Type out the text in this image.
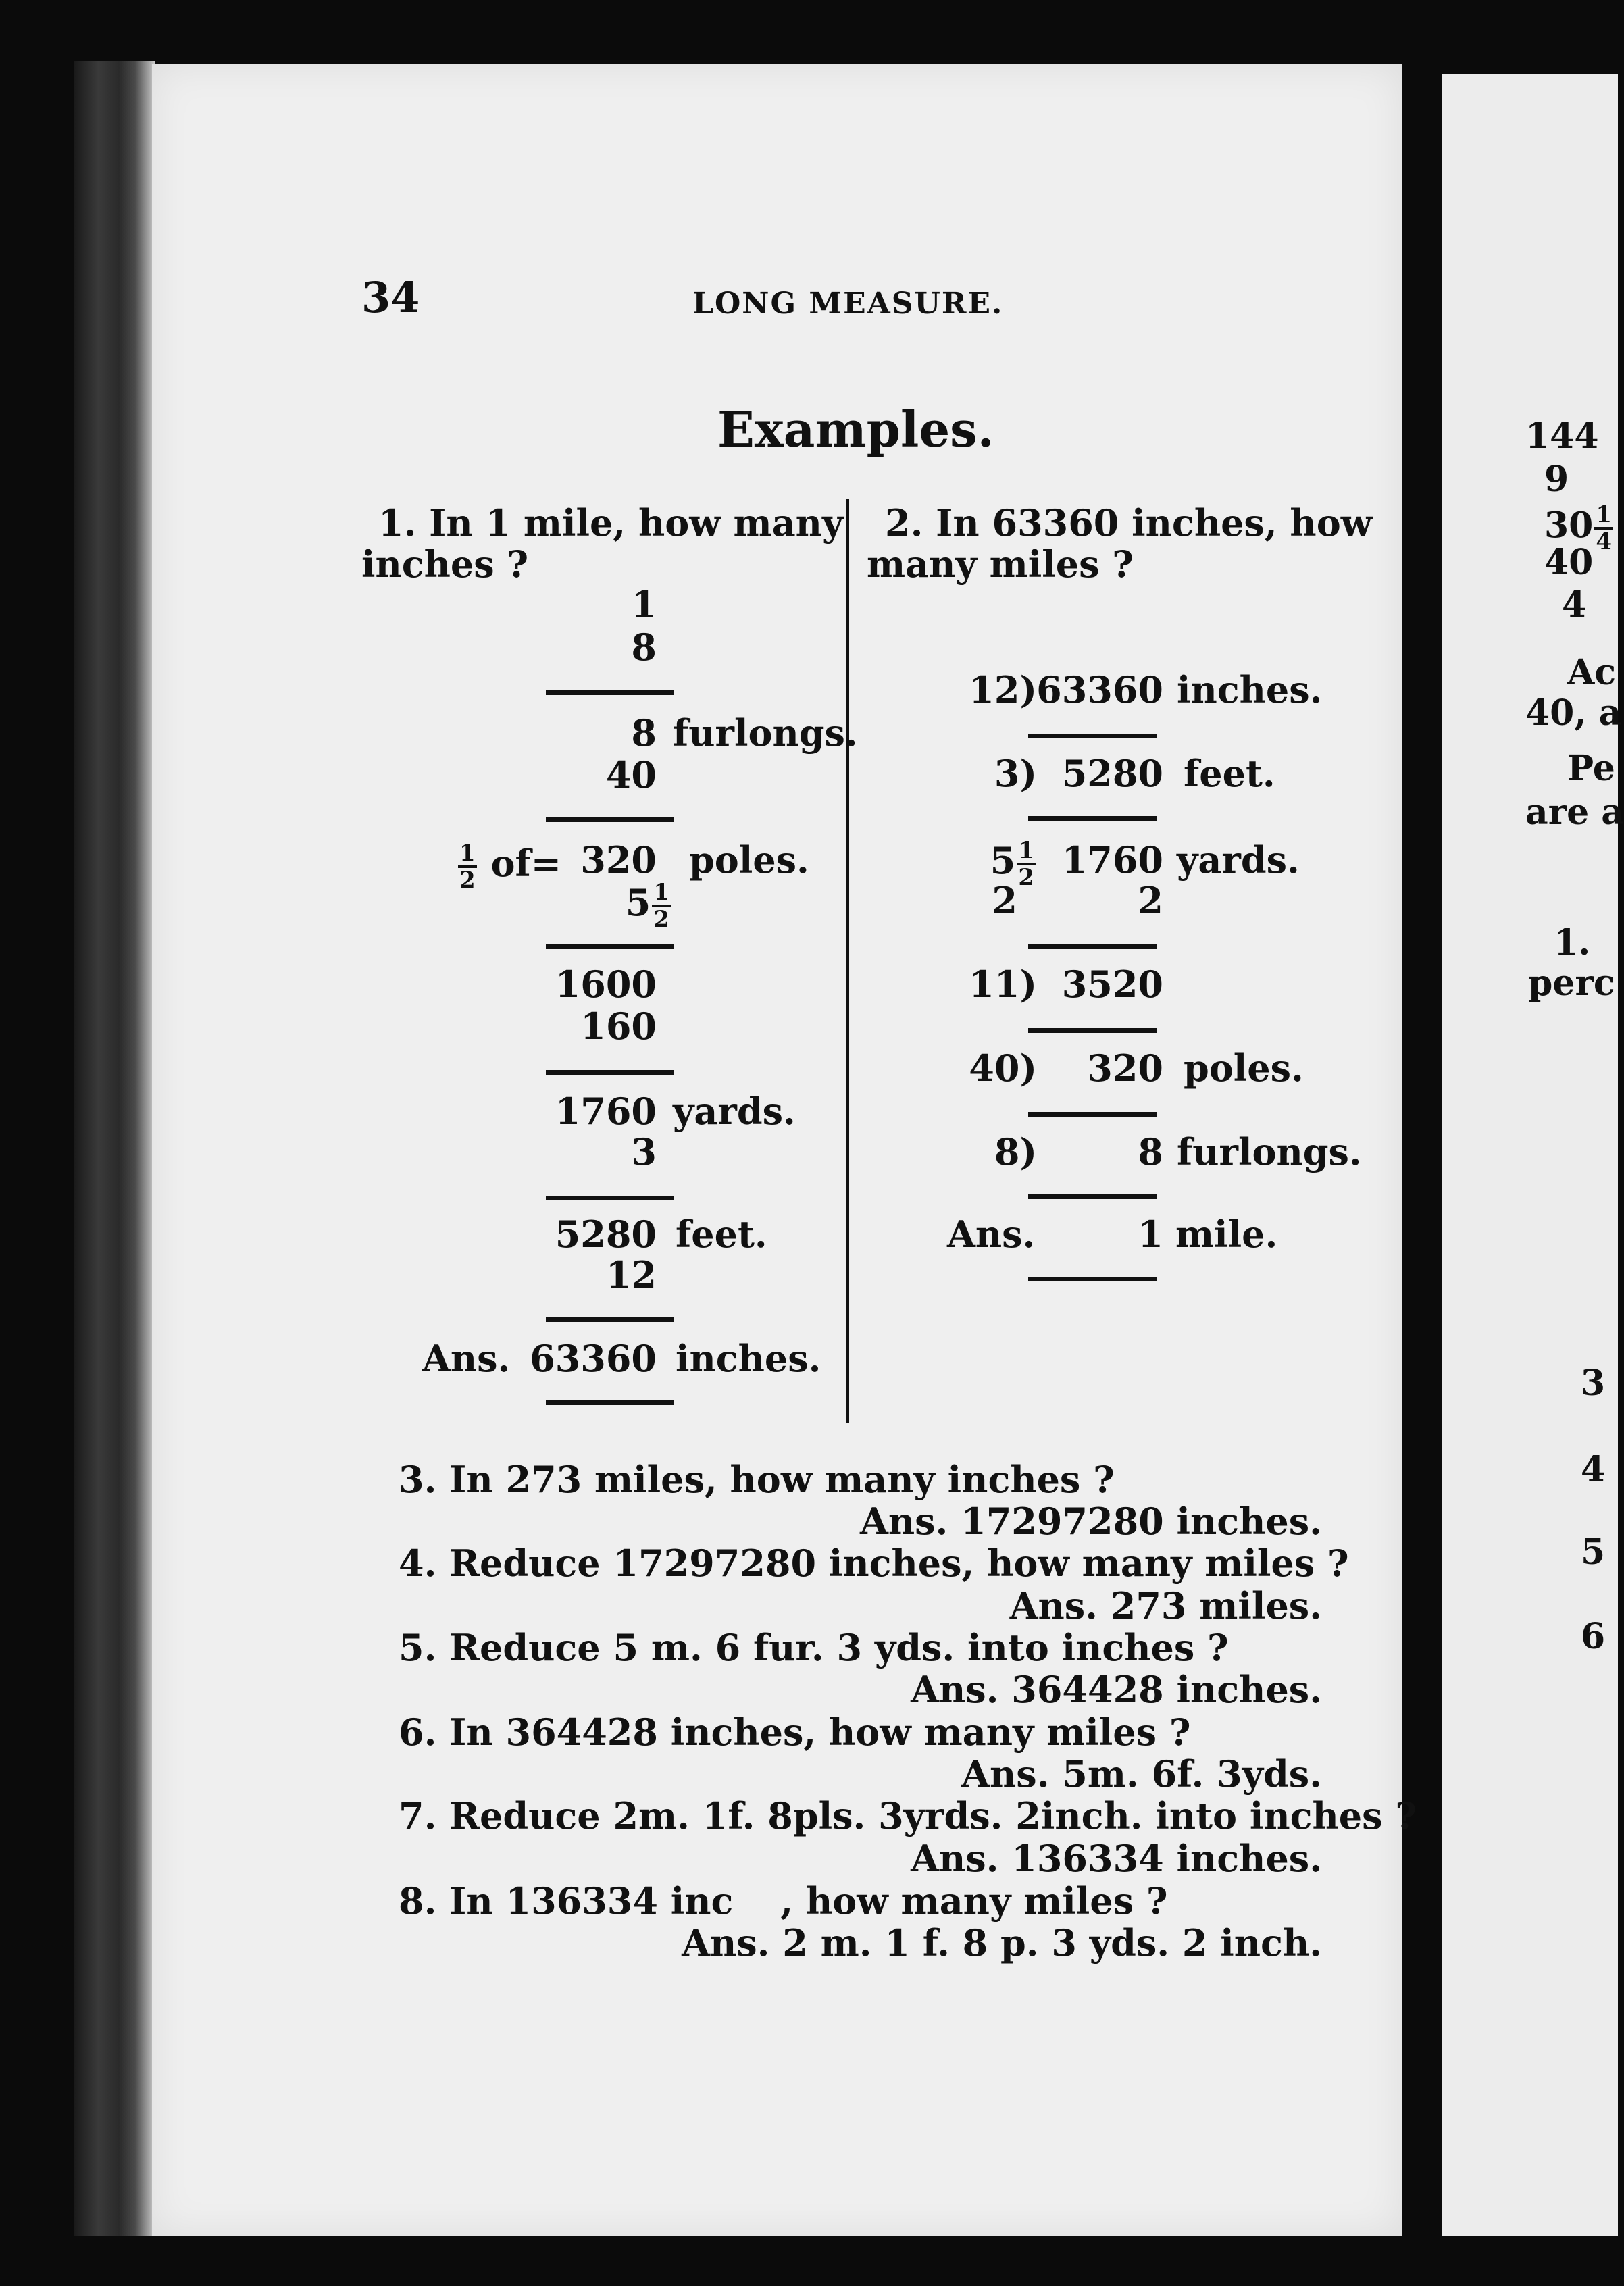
34	LONG MEASURE.
Examples.
1. In 1 mile, how many
inches ?
1
8
8 furlongs.
40
$\frac{1}{2} of= 320$ poles.
$5 \frac{1}{2}$
1600
160
1760 yards.
3
5280 feet.
12
Ans. 63360 inches.
2. In 63360 inches, how
many miles ?
12) 63360 inches.
3) 5280 feet.
$5 \frac{1}{2} 1760$ yards.
2	2
11) 3520
40) 320 poles.
8)	8 furlongs.
Ans.	1 mile.
3. In 273 miles, how many inches ?
Ans. 17297280 inches.
4. Reduce 17297280 inches, how many miles ?
Ans. 273 miles.
5. Reduce 5 m. 6 fur. 3 yds. into inches ?
Ans. 364428 inches.
6. In 364428 inches, how many miles ?
Ans. 5m. 6f. 3yds.
7. Reduce 2m. 1f. 8pls. 3yrds. 2inch. into inches ?
Ans. 136334 inches.
8. In 136334 inc , how many miles ?
Ans. 2 m. 1 f. 8 p. 3 yds. 2 inch.
144
9
$30 \frac{1}{4}$
40
4
Ac
40, a
Pe
are a
1.
perc
3
4
5
6
